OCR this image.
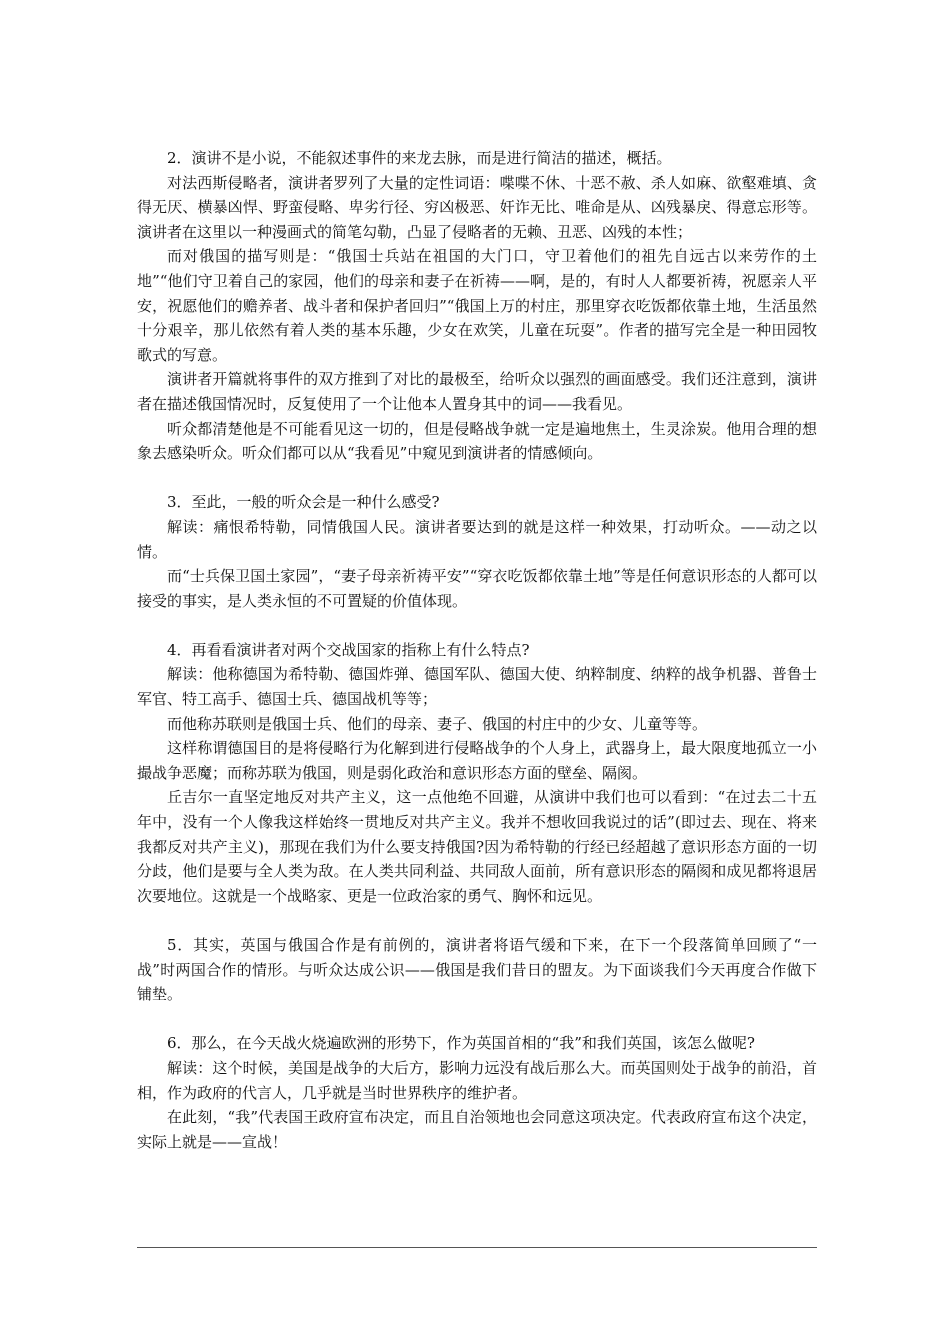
2．演讲不是小说，不能叙述事件的来龙去脉，而是进行简洁的描述，概括。

对法西斯侵略者，演讲者罗列了大量的定性词语：喋喋不休、十恶不赦、杀人如麻、欲壑难填、贪得无厌、横暴凶悍、野蛮侵略、卑劣行径、穷凶极恶、奸诈无比、唯命是从、凶残暴戾、得意忘形等。演讲者在这里以一种漫画式的简笔勾勒，凸显了侵略者的无赖、丑恶、凶残的本性；

而对俄国的描写则是：“俄国士兵站在祖国的大门口，守卫着他们的祖先自远古以来劳作的土地”“他们守卫着自己的家园，他们的母亲和妻子在祈祷——啊，是的，有时人人都要祈祷，祝愿亲人平安，祝愿他们的赡养者、战斗者和保护者回归”“俄国上万的村庄，那里穿衣吃饭都依靠土地，生活虽然十分艰辛，那儿依然有着人类的基本乐趣，少女在欢笑，儿童在玩耍”。作者的描写完全是一种田园牧歌式的写意。

演讲者开篇就将事件的双方推到了对比的最极至，给听众以强烈的画面感受。我们还注意到，演讲者在描述俄国情况时，反复使用了一个让他本人置身其中的词——我看见。

听众都清楚他是不可能看见这一切的，但是侵略战争就一定是遍地焦土，生灵涂炭。他用合理的想象去感染听众。听众们都可以从“我看见”中窥见到演讲者的情感倾向。

3．至此，一般的听众会是一种什么感受?

解读：痛恨希特勒，同情俄国人民。演讲者要达到的就是这样一种效果，打动听众。——动之以情。

而“士兵保卫国土家园”，“妻子母亲祈祷平安”“穿衣吃饭都依靠土地”等是任何意识形态的人都可以接受的事实，是人类永恒的不可置疑的价值体现。

4．再看看演讲者对两个交战国家的指称上有什么特点?

解读：他称德国为希特勒、德国炸弹、德国军队、德国大使、纳粹制度、纳粹的战争机器、普鲁士军官、特工高手、德国士兵、德国战机等等；

而他称苏联则是俄国士兵、他们的母亲、妻子、俄国的村庄中的少女、儿童等等。

这样称谓德国目的是将侵略行为化解到进行侵略战争的个人身上，武器身上，最大限度地孤立一小撮战争恶魔；而称苏联为俄国，则是弱化政治和意识形态方面的壁垒、隔阂。

丘吉尔一直坚定地反对共产主义，这一点他绝不回避，从演讲中我们也可以看到：“在过去二十五年中，没有一个人像我这样始终一贯地反对共产主义。我并不想收回我说过的话”(即过去、现在、将来我都反对共产主义)，那现在我们为什么要支持俄国?因为希特勒的行经已经超越了意识形态方面的一切分歧，他们是要与全人类为敌。在人类共同利益、共同敌人面前，所有意识形态的隔阂和成见都将退居次要地位。这就是一个战略家、更是一位政治家的勇气、胸怀和远见。

5．其实，英国与俄国合作是有前例的，演讲者将语气缓和下来，在下一个段落简单回顾了“一战”时两国合作的情形。与听众达成公识——俄国是我们昔日的盟友。为下面谈我们今天再度合作做下铺垫。

6．那么，在今天战火烧遍欧洲的形势下，作为英国首相的“我”和我们英国，该怎么做呢?

解读：这个时候，美国是战争的大后方，影响力远没有战后那么大。而英国则处于战争的前沿，首相，作为政府的代言人，几乎就是当时世界秩序的维护者。

在此刻，“我”代表国王政府宣布决定，而且自治领地也会同意这项决定。代表政府宣布这个决定，实际上就是——宣战！
